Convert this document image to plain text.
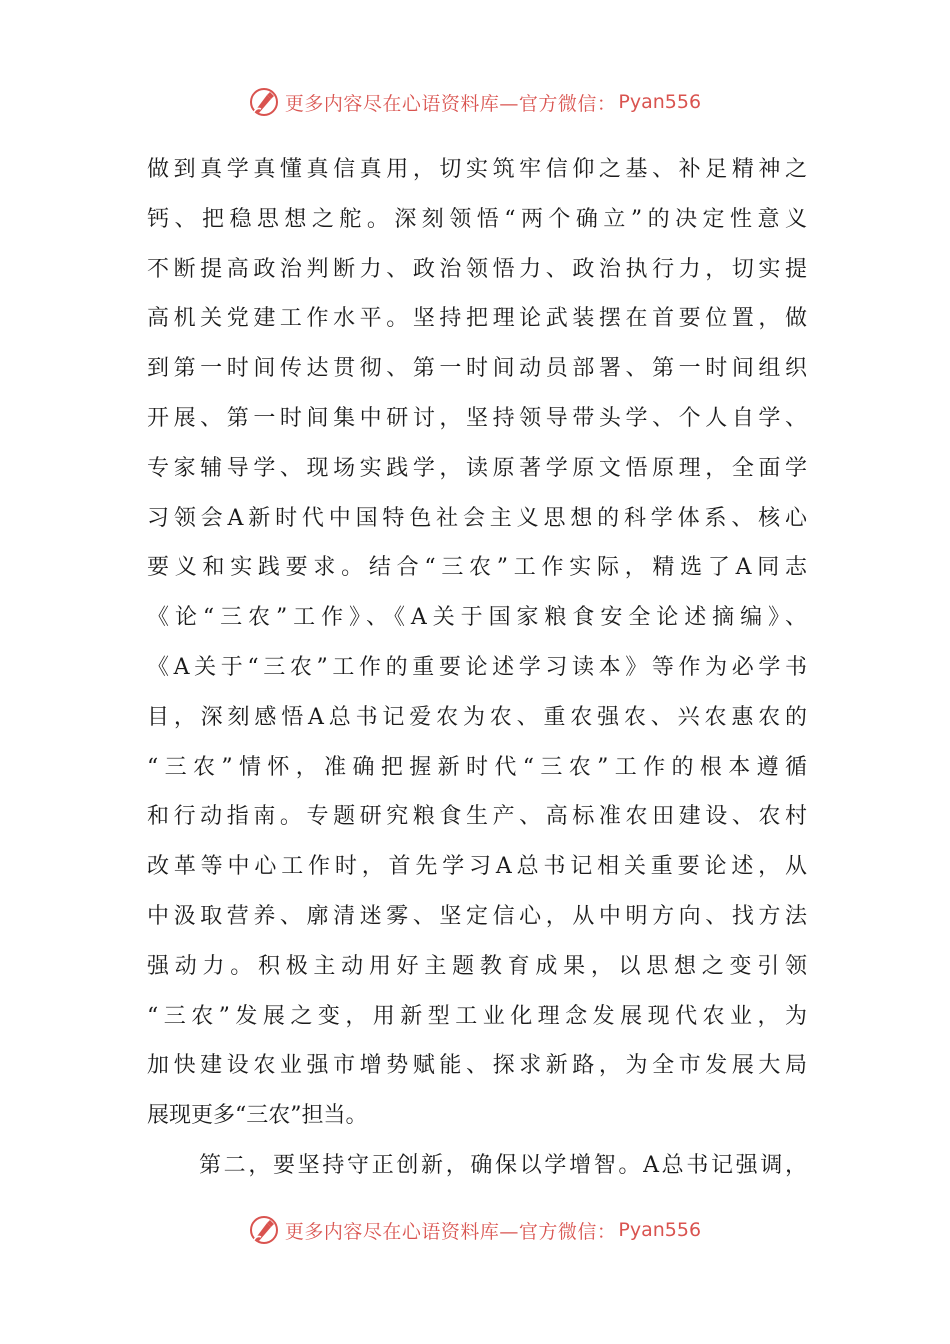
更多内容尽在心语资料库—官方微信： Pyan556
做到真学真懂真信真用，切实筑牢信仰之基、补足精神之
钙、把稳思想之舵。深刻领悟“两个确立”的决定性意义
不断提高政治判断力、政治领悟力、政治执行力，切实提
高机关党建工作水平。坚持把理论武装摆在首要位置，做
到第一时间传达贯彻、第一时间动员部署、第一时间组织
开展、第一时间集中研讨，坚持领导带头学、个人自学、
专家辅导学、现场实践学，读原著学原文悟原理，全面学
习领会A新时代中国特色社会主义思想的科学体系、核心
要义和实践要求。结合“三农”工作实际，精选了A同志
《论“三农”工作》、《A关于国家粮食安全论述摘编》、
《A关于“三农”工作的重要论述学习读本》等作为必学书
目，深刻感悟A总书记爱农为农、重农强农、兴农惠农的
“三农”情怀，准确把握新时代“三农”工作的根本遵循
和行动指南。专题研究粮食生产、高标准农田建设、农村
改革等中心工作时，首先学习A总书记相关重要论述，从
中汲取营养、廓清迷雾、坚定信心，从中明方向、找方法
强动力。积极主动用好主题教育成果，以思想之变引领
“三农”发展之变，用新型工业化理念发展现代农业，为
加快建设农业强市增势赋能、探求新路，为全市发展大局
展现更多“三农”担当。
第二，要坚持守正创新，确保以学增智。A总书记强调，
更多内容尽在心语资料库—官方微信： Pyan556
